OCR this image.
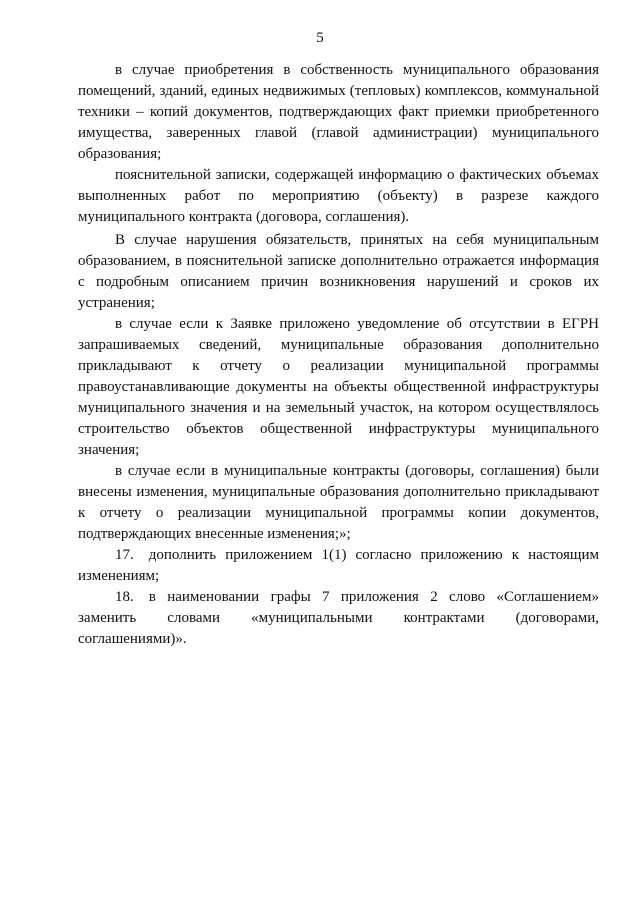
5

в случае приобретения в собственность муниципального образования помещений, зданий, единых недвижимых (тепловых) комплексов, коммунальной техники – копий документов, подтверждающих факт приемки приобретенного имущества, заверенных главой (главой администрации) муниципального образования;

пояснительной записки, содержащей информацию о фактических объемах выполненных работ по мероприятию (объекту) в разрезе каждого муниципального контракта (договора, соглашения).

В случае нарушения обязательств, принятых на себя муниципальным образованием, в пояснительной записке дополнительно отражается информация с подробным описанием причин возникновения нарушений и сроков их устранения;

в случае если к Заявке приложено уведомление об отсутствии в ЕГРН запрашиваемых сведений, муниципальные образования дополнительно прикладывают к отчету о реализации муниципальной программы правоустанавливающие документы на объекты общественной инфраструктуры муниципального значения и на земельный участок, на котором осуществлялось строительство объектов общественной инфраструктуры муниципального значения;

в случае если в муниципальные контракты (договоры, соглашения) были внесены изменения, муниципальные образования дополнительно прикладывают к отчету о реализации муниципальной программы копии документов, подтверждающих внесенные изменения;»;

17. дополнить приложением 1(1) согласно приложению к настоящим изменениям;

18. в наименовании графы 7 приложения 2 слово «Соглашением» заменить словами «муниципальными контрактами (договорами, соглашениями)».
